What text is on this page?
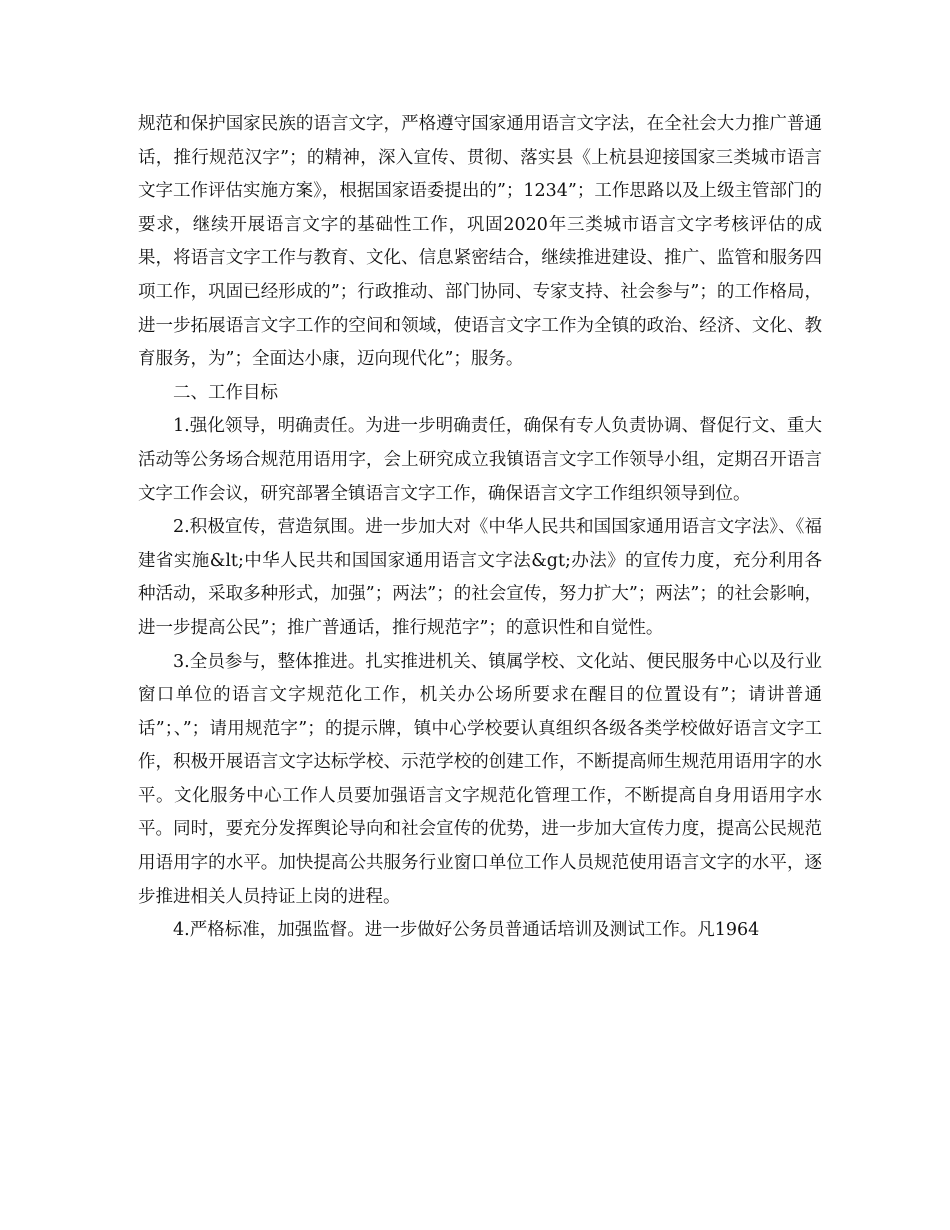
规范和保护国家民族的语言文字，严格遵守国家通用语言文字法，在全社会大力推广普通话，推行规范汉字”；的精神，深入宣传、贯彻、落实县《上杭县迎接国家三类城市语言文字工作评估实施方案》，根据国家语委提出的”；1234”；工作思路以及上级主管部门的要求，继续开展语言文字的基础性工作，巩固2020年三类城市语言文字考核评估的成果，将语言文字工作与教育、文化、信息紧密结合，继续推进建设、推广、监管和服务四项工作，巩固已经形成的”；行政推动、部门协同、专家支持、社会参与”；的工作格局，进一步拓展语言文字工作的空间和领域，使语言文字工作为全镇的政治、经济、文化、教育服务，为”；全面达小康，迈向现代化”；服务。

二、工作目标

1.强化领导，明确责任。为进一步明确责任，确保有专人负责协调、督促行文、重大活动等公务场合规范用语用字，会上研究成立我镇语言文字工作领导小组，定期召开语言文字工作会议，研究部署全镇语言文字工作，确保语言文字工作组织领导到位。

2.积极宣传，营造氛围。进一步加大对《中华人民共和国国家通用语言文字法》、《福建省实施&lt;中华人民共和国国家通用语言文字法&gt;办法》的宣传力度，充分利用各种活动，采取多种形式，加强”；两法”；的社会宣传，努力扩大”；两法”；的社会影响，进一步提高公民”；推广普通话，推行规范字”；的意识性和自觉性。

3.全员参与，整体推进。扎实推进机关、镇属学校、文化站、便民服务中心以及行业窗口单位的语言文字规范化工作，机关办公场所要求在醒目的位置设有”；请讲普通话”；、”；请用规范字”；的提示牌，镇中心学校要认真组织各级各类学校做好语言文字工作，积极开展语言文字达标学校、示范学校的创建工作，不断提高师生规范用语用字的水平。文化服务中心工作人员要加强语言文字规范化管理工作，不断提高自身用语用字水平。同时，要充分发挥舆论导向和社会宣传的优势，进一步加大宣传力度，提高公民规范用语用字的水平。加快提高公共服务行业窗口单位工作人员规范使用语言文字的水平，逐步推进相关人员持证上岗的进程。

4.严格标准，加强监督。进一步做好公务员普通话培训及测试工作。凡1964
